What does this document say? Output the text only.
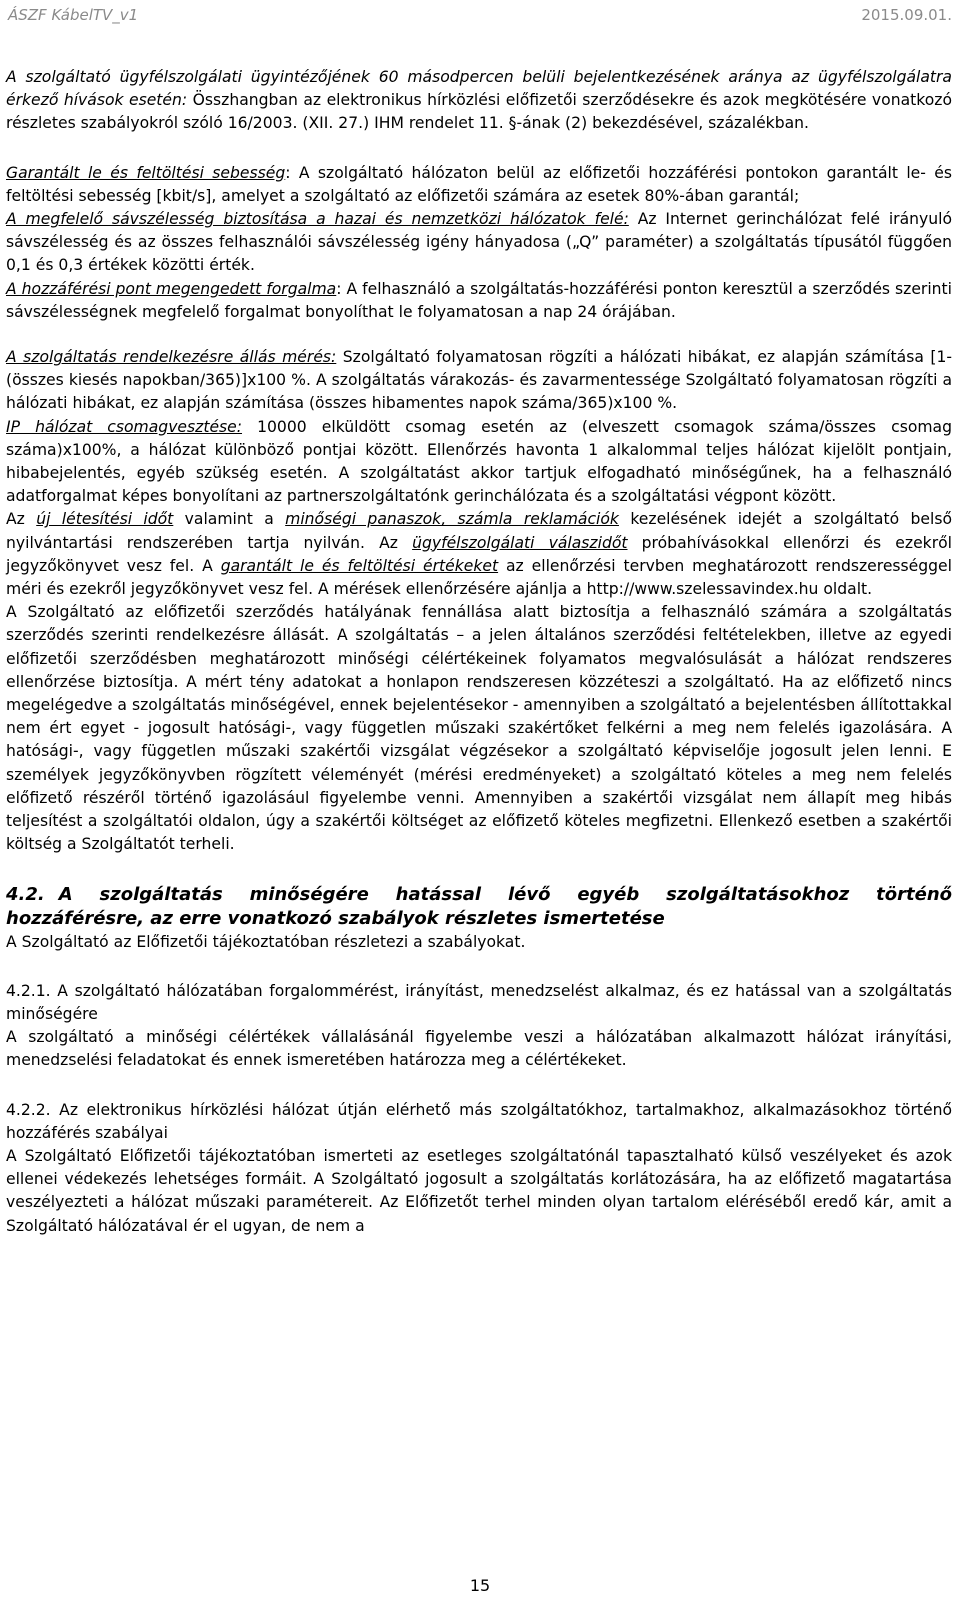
ÁSZF KábelTV_v1	2015.09.01.

A szolgáltató ügyfélszolgálati ügyintézőjének 60 másodpercen belüli bejelentkezésének aránya az ügyfélszolgálatra érkező hívások esetén: Összhangban az elektronikus hírközlési előfizetői szerződésekre és azok megkötésére vonatkozó részletes szabályokról szóló 16/2003. (XII. 27.) IHM rendelet 11. §-ának (2) bekezdésével, százalékban.

Garantált le és feltöltési sebesség: A szolgáltató hálózaton belül az előfizetői hozzáférési pontokon garantált le- és feltöltési sebesség [kbit/s], amelyet a szolgáltató az előfizetői számára az esetek 80%-ában garantál;

A megfelelő sávszélesség biztosítása a hazai és nemzetközi hálózatok felé: Az Internet gerinchálózat felé irányuló sávszélesség és az összes felhasználói sávszélesség igény hányadosa („Q” paraméter) a szolgáltatás típusától függően 0,1 és 0,3 értékek közötti érték.

A hozzáférési pont megengedett forgalma: A felhasználó a szolgáltatás-hozzáférési ponton keresztül a szerződés szerinti sávszélességnek megfelelő forgalmat bonyolíthat le folyamatosan a nap 24 órájában.

A szolgáltatás rendelkezésre állás mérés: Szolgáltató folyamatosan rögzíti a hálózati hibákat, ez alapján számítása [1-(összes kiesés napokban/365)]x100 %. A szolgáltatás várakozás- és zavarmentessége Szolgáltató folyamatosan rögzíti a hálózati hibákat, ez alapján számítása (összes hibamentes napok száma/365)x100 %.

IP hálózat csomagvesztése: 10000 elküldött csomag esetén az (elveszett csomagok száma/összes csomag száma)x100%, a hálózat különböző pontjai között. Ellenőrzés havonta 1 alkalommal teljes hálózat kijelölt pontjain, hibabejelentés, egyéb szükség esetén. A szolgáltatást akkor tartjuk elfogadható minőségűnek, ha a felhasználó adatforgalmat képes bonyolítani az partnerszolgáltatónk gerinchálózata és a szolgáltatási végpont között.

Az új létesítési időt valamint a minőségi panaszok, számla reklamációk kezelésének idejét a szolgáltató belső nyilvántartási rendszerében tartja nyilván. Az ügyfélszolgálati válaszidőt próbahívásokkal ellenőrzi és ezekről jegyzőkönyvet vesz fel. A garantált le és feltöltési értékeket az ellenőrzési tervben meghatározott rendszerességgel méri és ezekről jegyzőkönyvet vesz fel. A mérések ellenőrzésére ajánlja a http://www.szelessavindex.hu oldalt.

A Szolgáltató az előfizetői szerződés hatályának fennállása alatt biztosítja a felhasználó számára a szolgáltatás szerződés szerinti rendelkezésre állását. A szolgáltatás – a jelen általános szerződési feltételekben, illetve az egyedi előfizetői szerződésben meghatározott minőségi célértékeinek folyamatos megvalósulását a hálózat rendszeres ellenőrzése biztosítja. A mért tény adatokat a honlapon rendszeresen közzéteszi a szolgáltató. Ha az előfizető nincs megelégedve a szolgáltatás minőségével, ennek bejelentésekor - amennyiben a szolgáltató a bejelentésben állítottakkal nem ért egyet - jogosult hatósági-, vagy független műszaki szakértőket felkérni a meg nem felelés igazolására. A hatósági-, vagy független műszaki szakértői vizsgálat végzésekor a szolgáltató képviselője jogosult jelen lenni. E személyek jegyzőkönyvben rögzített véleményét (mérési eredményeket) a szolgáltató köteles a meg nem felelés előfizető részéről történő igazolásául figyelembe venni. Amennyiben a szakértői vizsgálat nem állapít meg hibás teljesítést a szolgáltatói oldalon, úgy a szakértői költséget az előfizető köteles megfizetni. Ellenkező esetben a szakértői költség a Szolgáltatót terheli.

4.2. A szolgáltatás minőségére hatással lévő egyéb szolgáltatásokhoz történő hozzáférésre, az erre vonatkozó szabályok részletes ismertetése

A Szolgáltató az Előfizetői tájékoztatóban részletezi a szabályokat.

4.2.1. A szolgáltató hálózatában forgalommérést, irányítást, menedzselést alkalmaz, és ez hatással van a szolgáltatás minőségére

A szolgáltató a minőségi célértékek vállalásánál figyelembe veszi a hálózatában alkalmazott hálózat irányítási, menedzselési feladatokat és ennek ismeretében határozza meg a célértékeket.

4.2.2. Az elektronikus hírközlési hálózat útján elérhető más szolgáltatókhoz, tartalmakhoz, alkalmazásokhoz történő hozzáférés szabályai

A Szolgáltató Előfizetői tájékoztatóban ismerteti az esetleges szolgáltatónál tapasztalható külső veszélyeket és azok ellenei védekezés lehetséges formáit. A Szolgáltató jogosult a szolgáltatás korlátozására, ha az előfizető magatartása veszélyezteti a hálózat műszaki paramétereit. Az Előfizetőt terhel minden olyan tartalom eléréséből eredő kár, amit a Szolgáltató hálózatával ér el ugyan, de nem a

15
